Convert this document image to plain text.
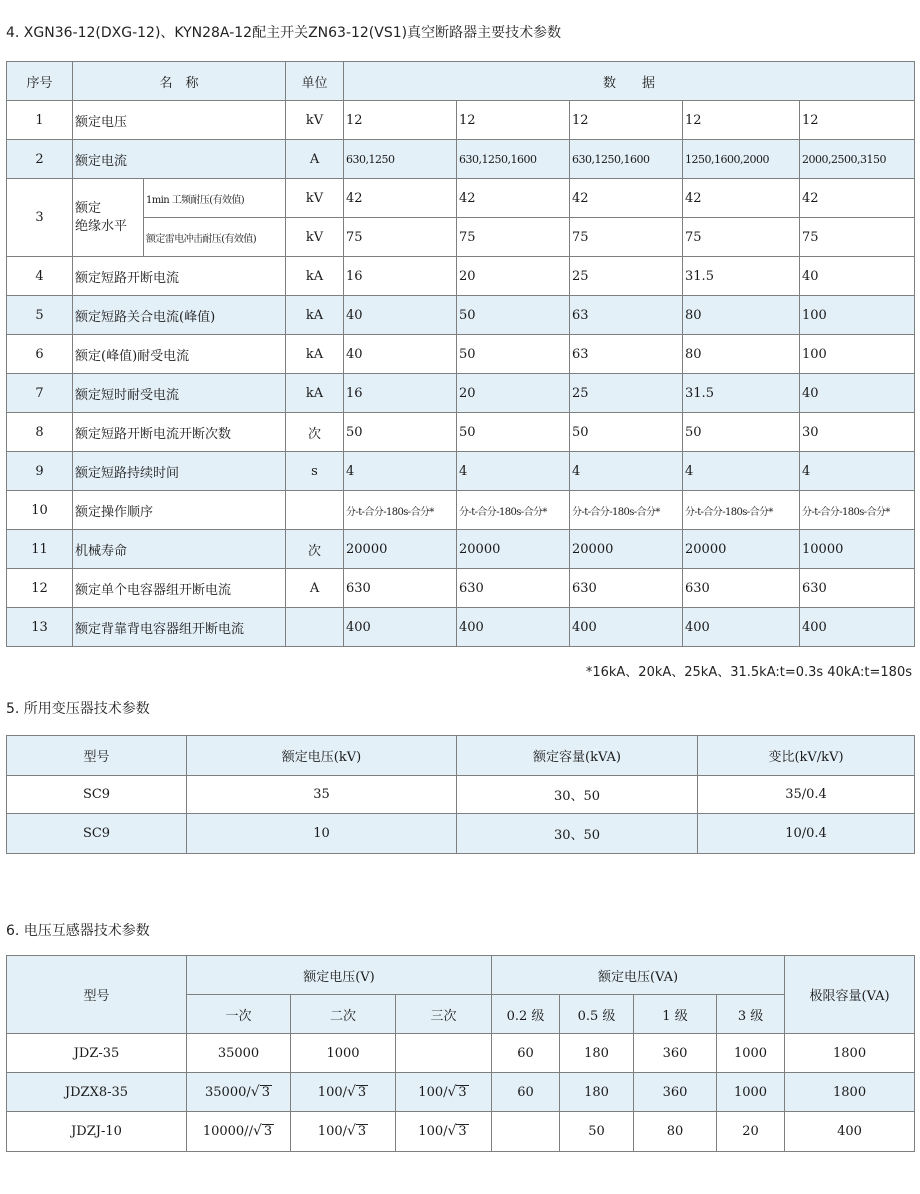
4. XGN36-12(DXG-12)、KYN28A-12配主开关ZN63-12(VS1)真空断路器主要技术参数
序号	名　称		单位	数　　据				
1	额定电压		kV	12	12	12	12	12
2	额定电流		A	630,1250	630,1250,1600	630,1250,1600	1250,1600,2000	2000,2500,3150
3	额定
绝缘水平	1min 工频耐压(有效值)	kV	42	42	42	42	42
		额定雷电冲击耐压(有效值)	kV	75	75	75	75	75
4	额定短路开断电流		kA	16	20	25	31.5	40
5	额定短路关合电流(峰值)		kA	40	50	63	80	100
6	额定(峰值)耐受电流		kA	40	50	63	80	100
7	额定短时耐受电流		kA	16	20	25	31.5	40
8	额定短路开断电流开断次数		次	50	50	50	50	30
9	额定短路持续时间		s	4	4	4	4	4
10	额定操作顺序			分-t-合分-180s-合分*	分-t-合分-180s-合分*	分-t-合分-180s-合分*	分-t-合分-180s-合分*	分-t-合分-180s-合分*
11	机械寿命		次	20000	20000	20000	20000	10000
12	额定单个电容器组开断电流		A	630	630	630	630	630
13	额定背靠背电容器组开断电流			400	400	400	400	400
*16kA、20kA、25kA、31.5kA:t=0.3s 40kA:t=180s
5. 所用变压器技术参数
型号	额定电压(kV)	额定容量(kVA)	变比(kV/kV)
SC9	35	30、50	35/0.4
SC9	10	30、50	10/0.4
6. 电压互感器技术参数
型号	额定电压(V)			额定电压(VA)				极限容量(VA)
	一次	二次	三次	0.2 级	0.5 级	1 级	3 级	
JDZ-35	35000	1000		60	180	360	1000	1800
JDZX8-35	35000/ √ 3	100/ √ 3	100/ √ 3	60	180	360	1000	1800
JDZJ-10	10000// √ 3	100/ √ 3	100/ √ 3		50	80	20	400
